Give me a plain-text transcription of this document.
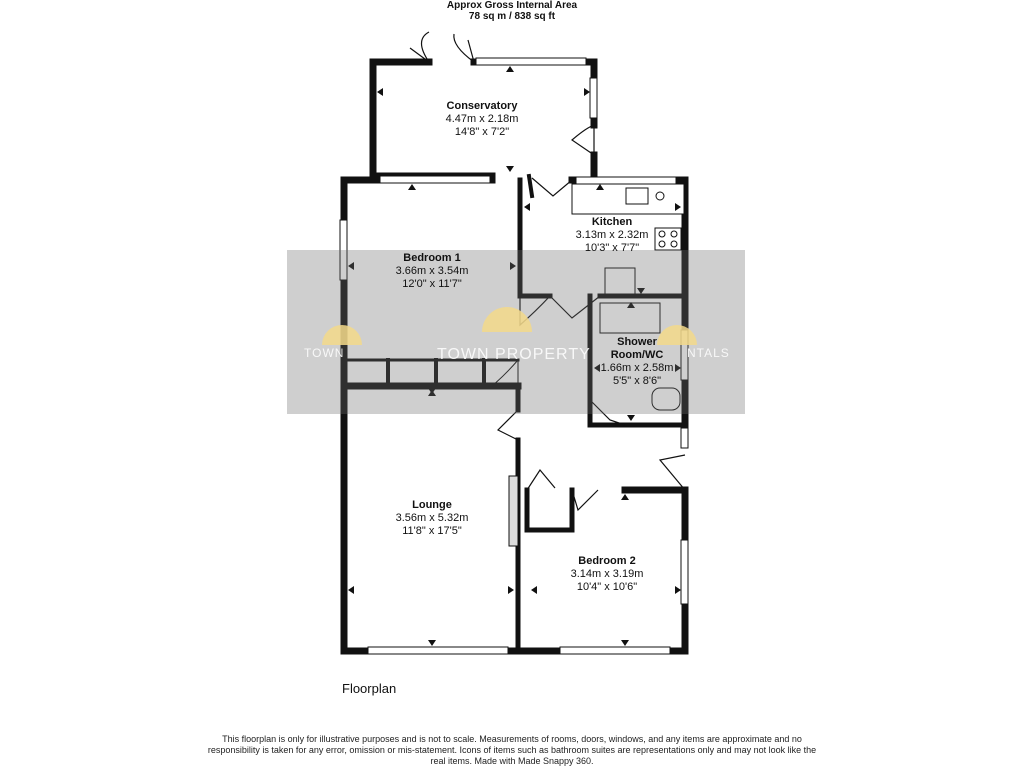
Approx Gross Internal Area
78 sq m / 838 sq ft
TOWN	TOWN PROPERTY	NTALS
Conservatory
4.47m x 2.18m
14'8" x 7'2"
Kitchen
3.13m x 2.32m
10'3" x 7'7"
Bedroom 1
3.66m x 3.54m
12'0" x 11'7"
Shower
Room/WC
1.66m x 2.58m
5'5" x 8'6"
Lounge
3.56m x 5.32m
11'8" x 17'5"
Bedroom 2
3.14m x 3.19m
10'4" x 10'6"
Floorplan
This floorplan is only for illustrative purposes and is not to scale. Measurements of rooms, doors, windows, and any items are approximate and no responsibility is taken for any error, omission or mis-statement. Icons of items such as bathroom suites are representations only and may not look like the real items. Made with Made Snappy 360.
